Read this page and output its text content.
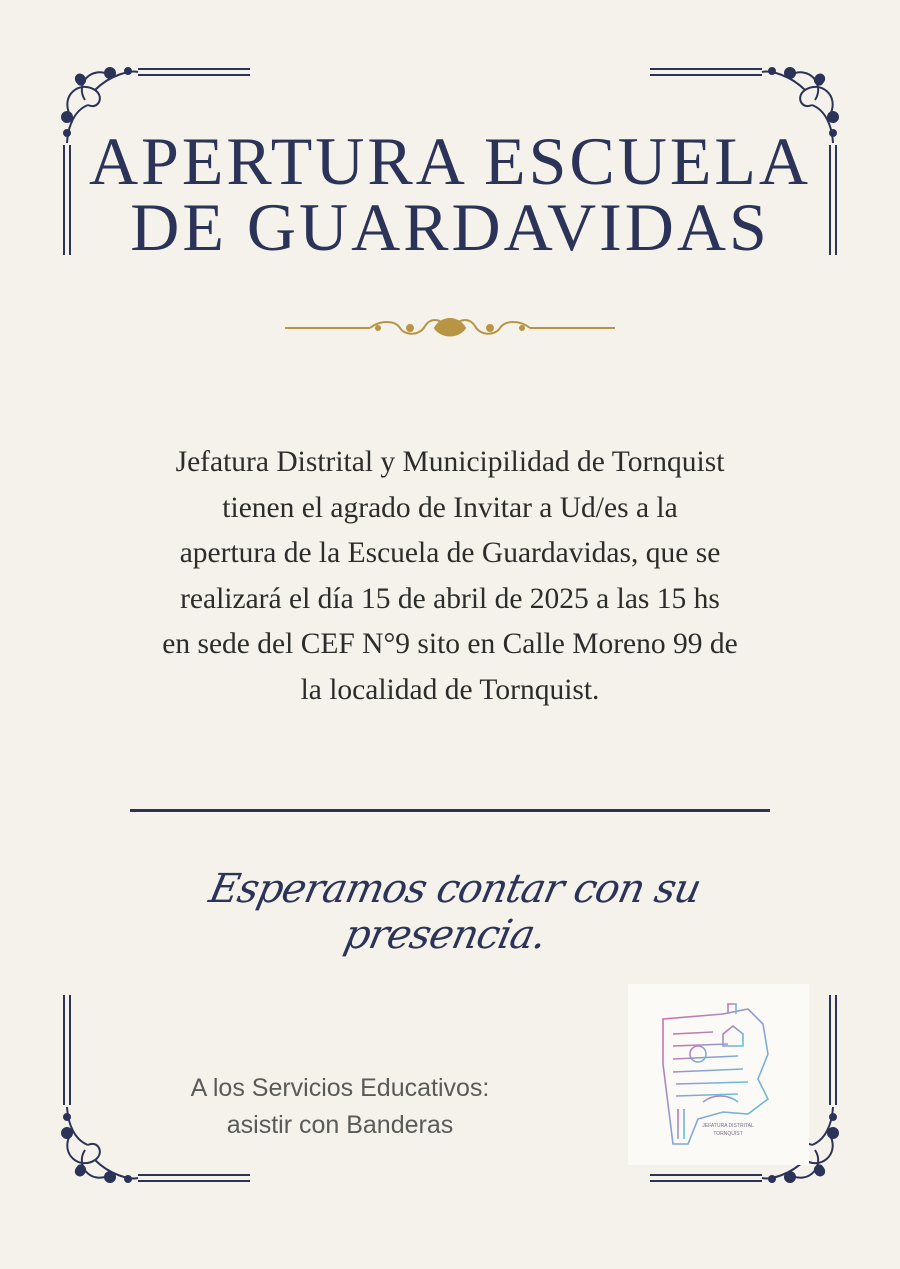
APERTURA ESCUELA
DE GUARDAVIDAS

Jefatura Distrital y Municipilidad de Tornquist
tienen el agrado de Invitar a Ud/es a la
apertura de la Escuela de Guardavidas, que se
realizará el día 15 de abril de 2025 a las 15 hs
en sede del CEF N°9 sito en Calle Moreno 99 de
la localidad de Tornquist.

Esperamos contar con su presencia.

A los Servicios Educativos:
asistir con Banderas	JEFATURA DISTRITAL
TORNQUIST
